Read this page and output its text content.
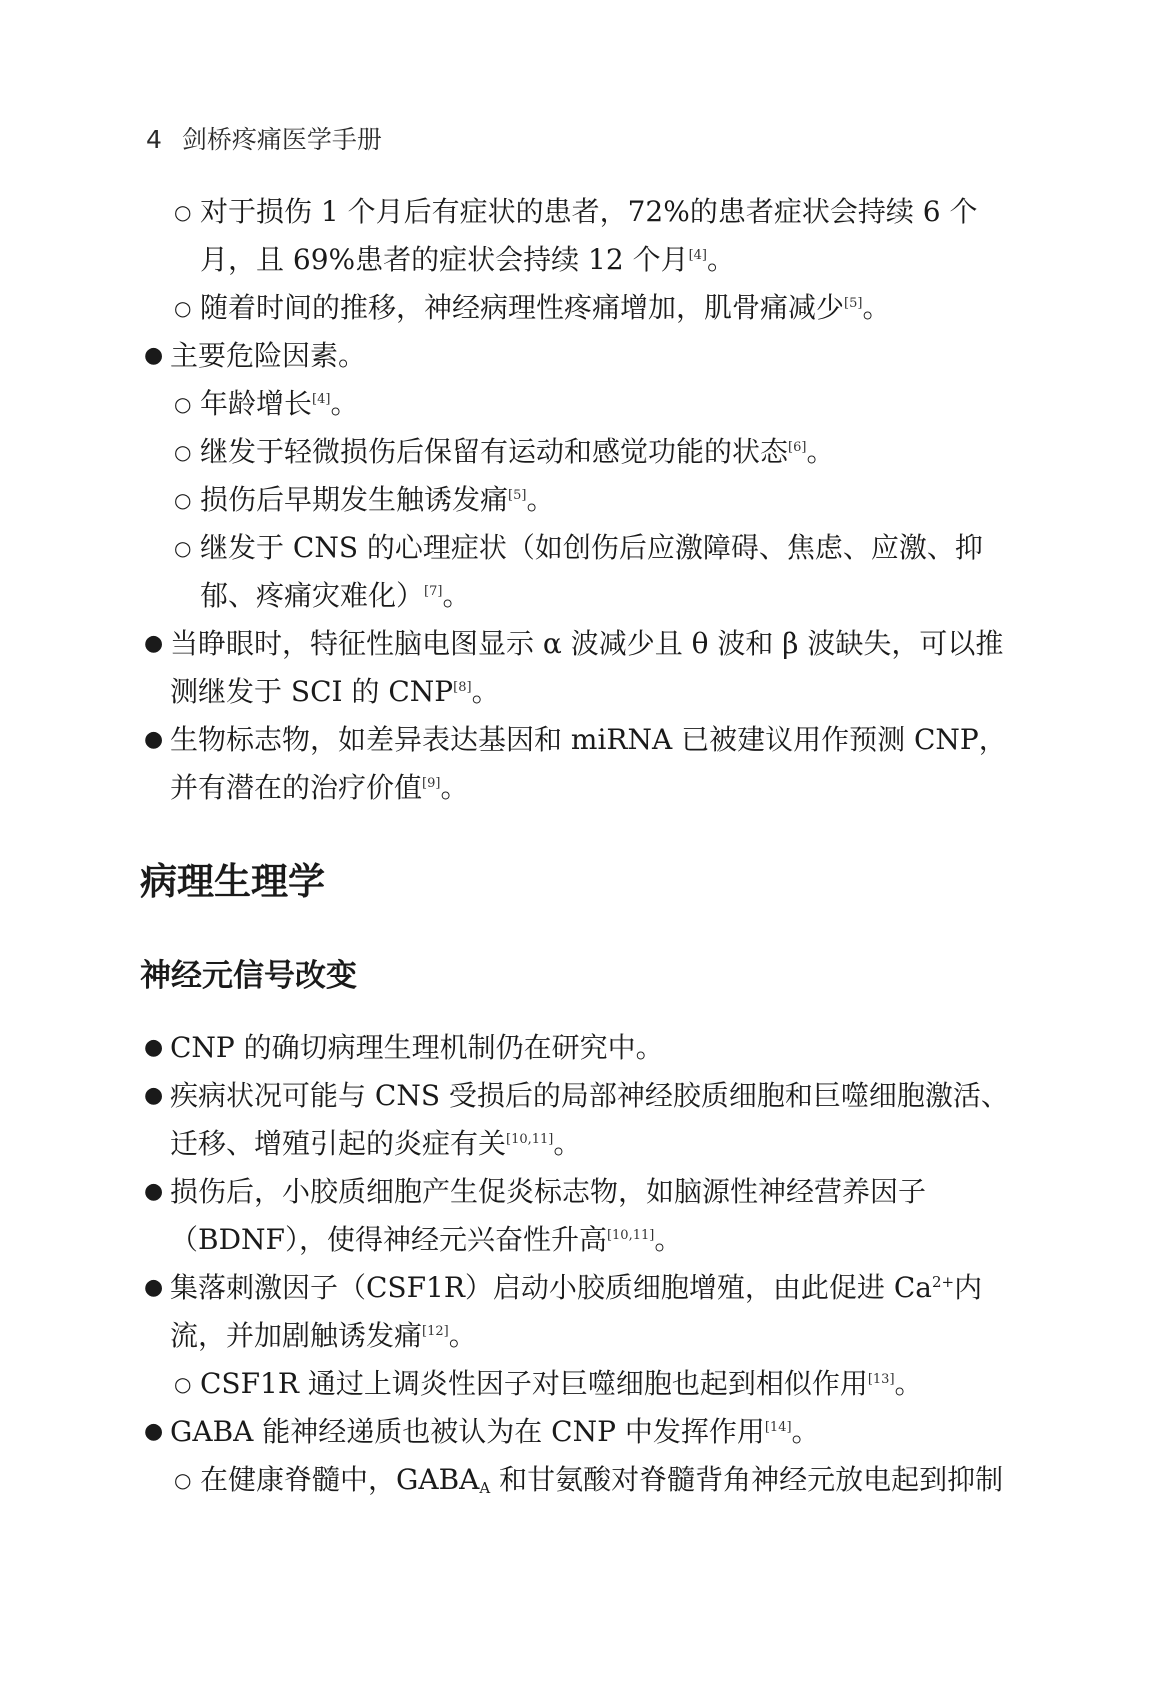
4 剑桥疼痛医学手册

○ 对于损伤 1 个月后有症状的患者，72%的患者症状会持续 6 个月，且 69%患者的症状会持续 12 个月[4]。

○ 随着时间的推移，神经病理性疼痛增加，肌骨痛减少[5]。

● 主要危险因素。

○ 年龄增长[4]。

○ 继发于轻微损伤后保留有运动和感觉功能的状态[6]。

○ 损伤后早期发生触诱发痛[5]。

○ 继发于 CNS 的心理症状（如创伤后应激障碍、焦虑、应激、抑郁、疼痛灾难化）[7]。

● 当睁眼时，特征性脑电图显示 α 波减少且 θ 波和 β 波缺失，可以推测继发于 SCI 的 CNP[8]。

● 生物标志物，如差异表达基因和 miRNA 已被建议用作预测 CNP，并有潜在的治疗价值[9]。

病理生理学
神经元信号改变

● CNP 的确切病理生理机制仍在研究中。

● 疾病状况可能与 CNS 受损后的局部神经胶质细胞和巨噬细胞激活、迁移、增殖引起的炎症有关[10,11]。

● 损伤后，小胶质细胞产生促炎标志物，如脑源性神经营养因子（BDNF），使得神经元兴奋性升高[10,11]。

● 集落刺激因子（CSF1R）启动小胶质细胞增殖，由此促进 $Ca^{2+}$内流，并加剧触诱发痛[12]。

○ CSF1R 通过上调炎性因子对巨噬细胞也起到相似作用[13]。

● GABA 能神经递质也被认为在 CNP 中发挥作用[14]。

○ 在健康脊髓中，$GABA_A$ 和甘氨酸对脊髓背角神经元放电起到抑制
